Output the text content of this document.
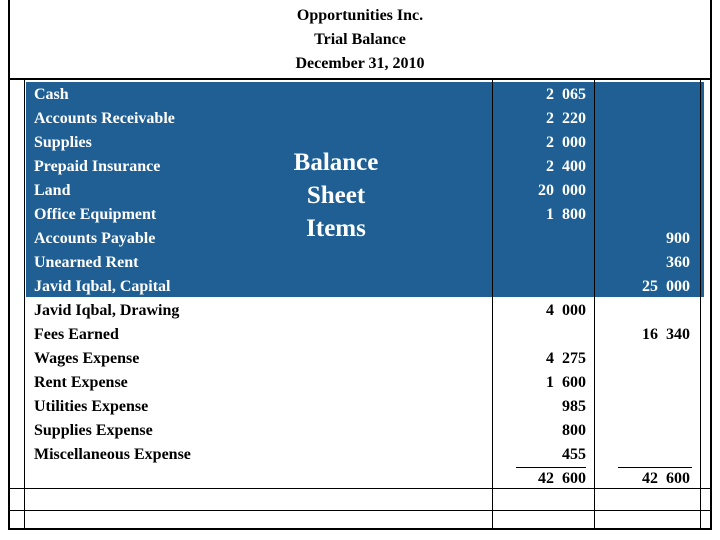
Opportunities Inc.
Trial Balance
December 31, 2010
Balance
Sheet
Items
Cash
Accounts Receivable
Supplies
Prepaid Insurance
Land
Office Equipment
Accounts Payable
Unearned Rent
Javid Iqbal, Capital
Javid Iqbal, Drawing
Fees Earned
Wages Expense
Rent Expense
Utilities Expense
Supplies Expense
Miscellaneous Expense
2  065
2  220
2  000
2  400
20  000
1  800
4  000
4  275
1  600
985
800
455
900
360
25  000
16  340
42  600	42  600
